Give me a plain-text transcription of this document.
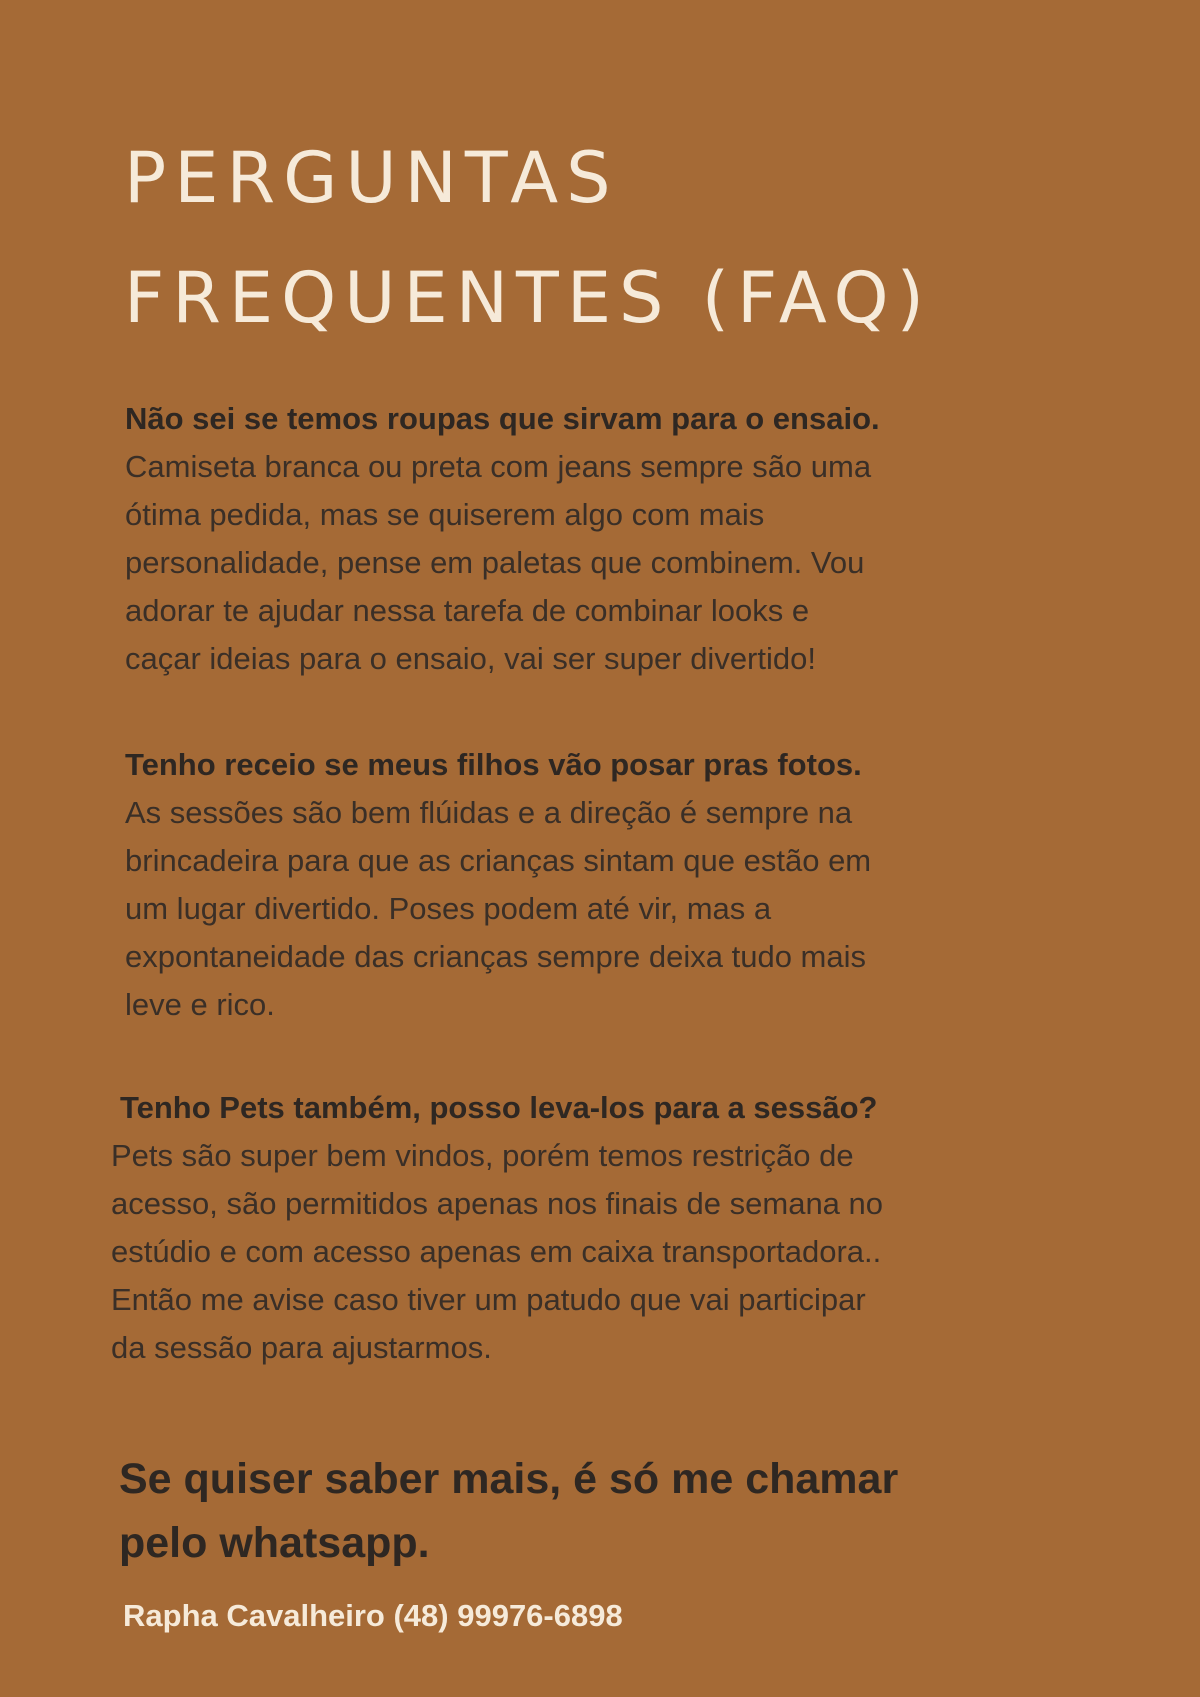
PERGUNTAS
FREQUENTES (FAQ)

Não sei se temos roupas que sirvam para o ensaio.

Camiseta branca ou preta com jeans sempre são uma
ótima pedida, mas se quiserem algo com mais
personalidade, pense em paletas que combinem. Vou
adorar te ajudar nessa tarefa de combinar looks e
caçar ideias para o ensaio, vai ser super divertido!

Tenho receio se meus filhos vão posar pras fotos.

As sessões são bem flúidas e a direção é sempre na
brincadeira para que as crianças sintam que estão em
um lugar divertido. Poses podem até vir, mas a
expontaneidade das crianças sempre deixa tudo mais
leve e rico.

Tenho Pets também, posso leva-los para a sessão?

Pets são super bem vindos, porém temos restrição de
acesso, são permitidos apenas nos finais de semana no
estúdio e com acesso apenas em caixa transportadora..
Então me avise caso tiver um patudo que vai participar
da sessão para ajustarmos.

Se quiser saber mais, é só me chamar
pelo whatsapp.

Rapha Cavalheiro (48) 99976-6898
